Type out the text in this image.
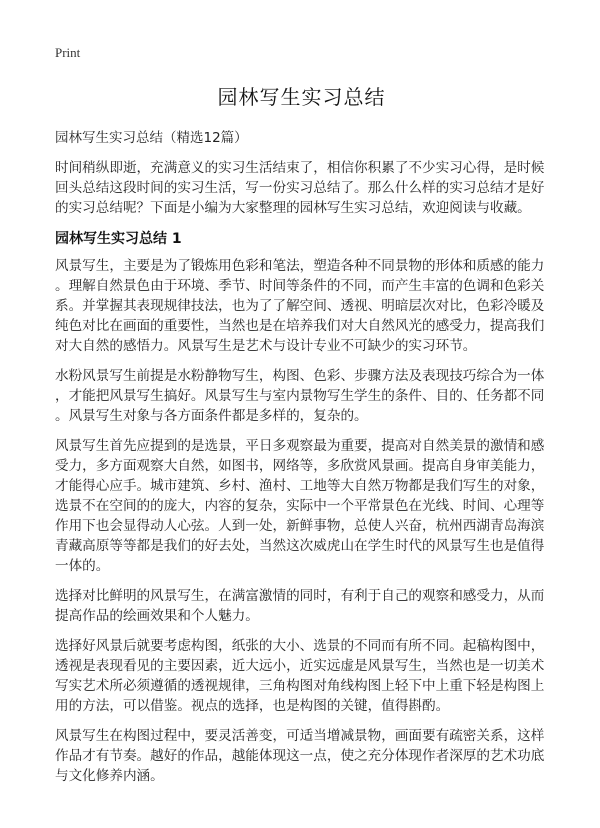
Print
园林写生实习总结
园林写生实习总结（精选12篇）
时间稍纵即逝，充满意义的实习生活结束了，相信你积累了不少实习心得，是时候
回头总结这段时间的实习生活，写一份实习总结了。那么什么样的实习总结才是好
的实习总结呢？下面是小编为大家整理的园林写生实习总结，欢迎阅读与收藏。
园林写生实习总结 1
风景写生，主要是为了锻炼用色彩和笔法，塑造各种不同景物的形体和质感的能力
。理解自然景色由于环境、季节、时间等条件的不同，而产生丰富的色调和色彩关
系。并掌握其表现规律技法，也为了了解空间、透视、明暗层次对比，色彩冷暖及
纯色对比在画面的重要性，当然也是在培养我们对大自然风光的感受力，提高我们
对大自然的感悟力。风景写生是艺术与设计专业不可缺少的实习环节。
水粉风景写生前提是水粉静物写生，构图、色彩、步骤方法及表现技巧综合为一体
，才能把风景写生搞好。风景写生与室内景物写生学生的条件、目的、任务都不同
。风景写生对象与各方面条件都是多样的，复杂的。
风景写生首先应提到的是选景，平日多观察最为重要，提高对自然美景的激情和感
受力，多方面观察大自然，如图书，网络等，多欣赏风景画。提高自身审美能力，
才能得心应手。城市建筑、乡村、渔村、工地等大自然万物都是我们写生的对象，
选景不在空间的的庞大，内容的复杂，实际中一个平常景色在光线、时间、心理等
作用下也会显得动人心弦。人到一处，新鲜事物，总使人兴奋，杭州西湖青岛海滨
青藏高原等等都是我们的好去处，当然这次威虎山在学生时代的风景写生也是值得
一体的。
选择对比鲜明的风景写生，在满富激情的同时，有利于自己的观察和感受力，从而
提高作品的绘画效果和个人魅力。
选择好风景后就要考虑构图，纸张的大小、选景的不同而有所不同。起稿构图中，
透视是表现看见的主要因素，近大远小，近实远虚是风景写生，当然也是一切美术
写实艺术所必须遵循的透视规律，三角构图对角线构图上轻下中上重下轻是构图上
用的方法，可以借鉴。视点的选择，也是构图的关键，值得斟酌。
风景写生在构图过程中，要灵活善变，可适当增减景物，画面要有疏密关系，这样
作品才有节奏。越好的作品，越能体现这一点，使之充分体现作者深厚的艺术功底
与文化修养内涵。
